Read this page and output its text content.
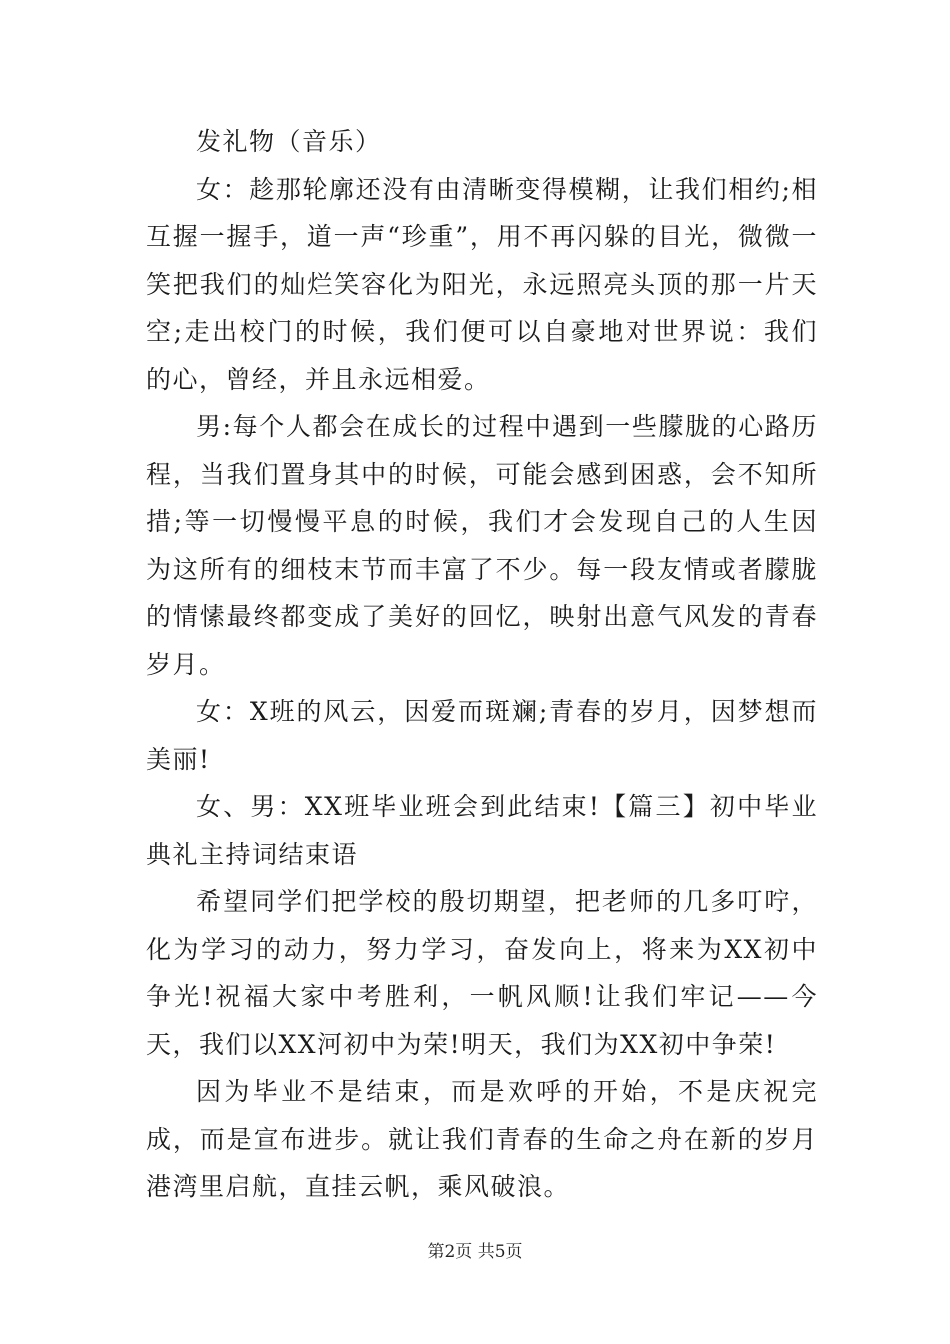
发礼物（音乐）

女：趁那轮廓还没有由清晰变得模糊，让我们相约;相互握一握手，道一声“珍重”，用不再闪躲的目光，微微一笑把我们的灿烂笑容化为阳光，永远照亮头顶的那一片天空;走出校门的时候，我们便可以自豪地对世界说：我们的心，曾经，并且永远相爱。

男:每个人都会在成长的过程中遇到一些朦胧的心路历程，当我们置身其中的时候，可能会感到困惑，会不知所措;等一切慢慢平息的时候，我们才会发现自己的人生因为这所有的细枝末节而丰富了不少。每一段友情或者朦胧的情愫最终都变成了美好的回忆，映射出意气风发的青春岁月。

女：X班的风云，因爱而斑斓;青春的岁月，因梦想而美丽!

女、男：XX班毕业班会到此结束!【篇三】初中毕业典礼主持词结束语

希望同学们把学校的殷切期望，把老师的几多叮咛，化为学习的动力，努力学习，奋发向上，将来为XX初中争光!祝福大家中考胜利，一帆风顺!让我们牢记——今天，我们以XX河初中为荣!明天，我们为XX初中争荣!

因为毕业不是结束，而是欢呼的开始，不是庆祝完成，而是宣布进步。就让我们青春的生命之舟在新的岁月港湾里启航，直挂云帆，乘风破浪。

第2页 共5页
